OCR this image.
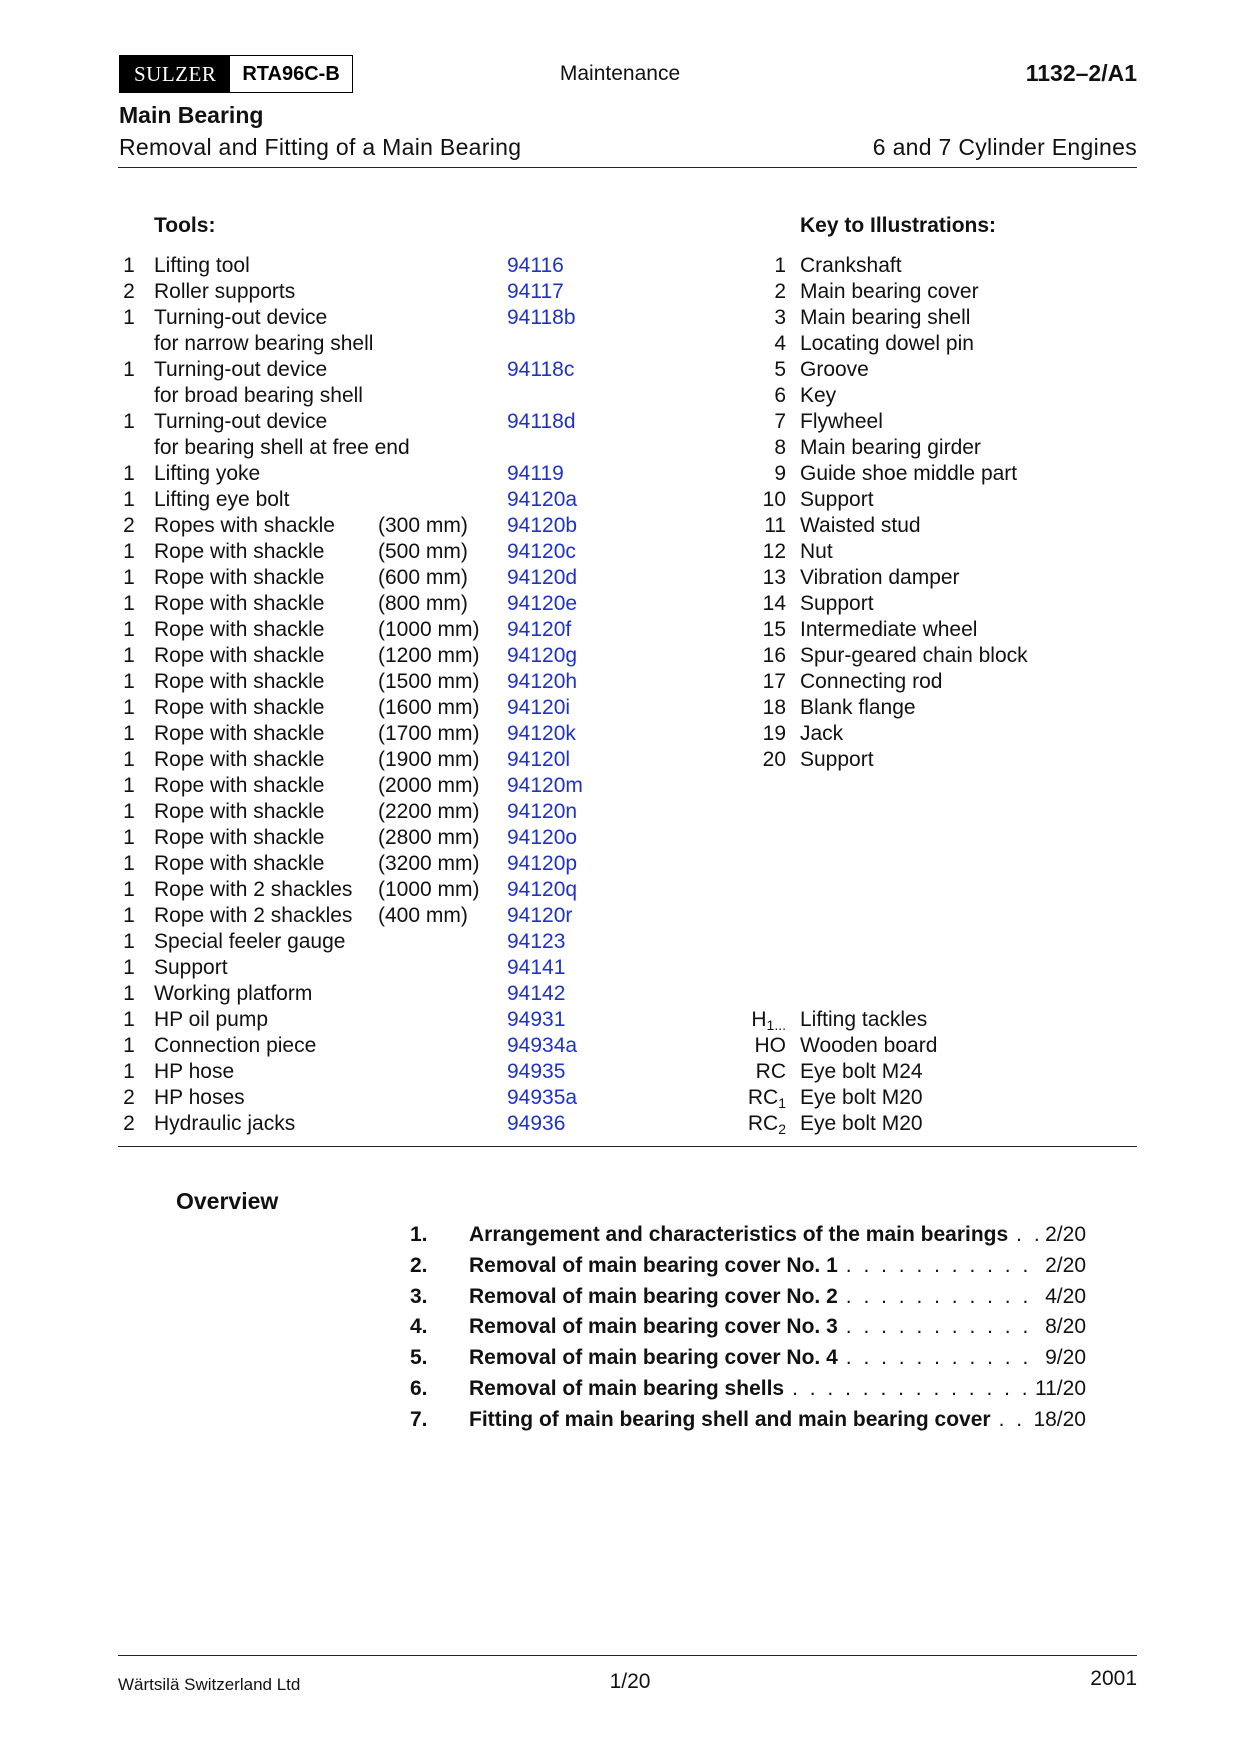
SULZER	RTA96C-B	Maintenance	1132–2/A1
Main Bearing
Removal and Fitting of a Main Bearing	6 and 7 Cylinder Engines
Tools:	Key to Illustrations:
1 Lifting tool	94116
2 Roller supports	94117
1 Turning-out device	94118b
for narrow bearing shell
1 Turning-out device	94118c
for broad bearing shell
1 Turning-out device	94118d
for bearing shell at free end
1 Lifting yoke	94119
1 Lifting eye bolt	94120a
2 Ropes with shackle (300 mm) 94120b
1 Rope with shackle	(500 mm) 94120c
1 Rope with shackle	(600 mm) 94120d
1 Rope with shackle	(800 mm) 94120e
1 Rope with shackle	(1000 mm) 94120f
1 Rope with shackle	(1200 mm) 94120g
1 Rope with shackle	(1500 mm) 94120h
1 Rope with shackle	(1600 mm) 94120i
1 Rope with shackle	(1700 mm) 94120k
1 Rope with shackle	(1900 mm) 94120l
1 Rope with shackle	(2000 mm) 94120m
1 Rope with shackle	(2200 mm) 94120n
1 Rope with shackle	(2800 mm) 94120o
1 Rope with shackle	(3200 mm) 94120p
1 Rope with 2 shackles (1000 mm) 94120q
1 Rope with 2 shackles (400 mm) 94120r
1 Special feeler gauge	94123
1 Support	94141
1 Working platform	94142
1 HP oil pump	94931
1 Connection piece	94934a
1 HP hose	94935
2 HP hoses	94935a
2 Hydraulic jacks	94936
1 Crankshaft
2 Main bearing cover
3 Main bearing shell
4 Locating dowel pin
5 Groove
6 Key
7 Flywheel
8 Main bearing girder
9 Guide shoe middle part
10 Support
11 Waisted stud
12 Nut
13 Vibration damper
14 Support
15 Intermediate wheel
16 Spur-geared chain block
17 Connecting rod
18 Blank flange
19 Jack
20 Support
$H_{1...}$ Lifting tackles
HO Wooden board
RC Eye bolt M24
$RC_1$ Eye bolt M20
$RC_2$ Eye bolt M20
Overview
1. Arrangement and characteristics of the main bearings . . .	2/20
2. Removal of main bearing cover No. 1 . . .	2/20
3. Removal of main bearing cover No. 2 . . .	4/20
4. Removal of main bearing cover No. 3 . . .	8/20
5. Removal of main bearing cover No. 4 . . .	9/20
6. Removal of main bearing shells . . .	11/20
7. Fitting of main bearing shell and main bearing cover . . .	18/20
Wärtsilä Switzerland Ltd	1/20	2001
